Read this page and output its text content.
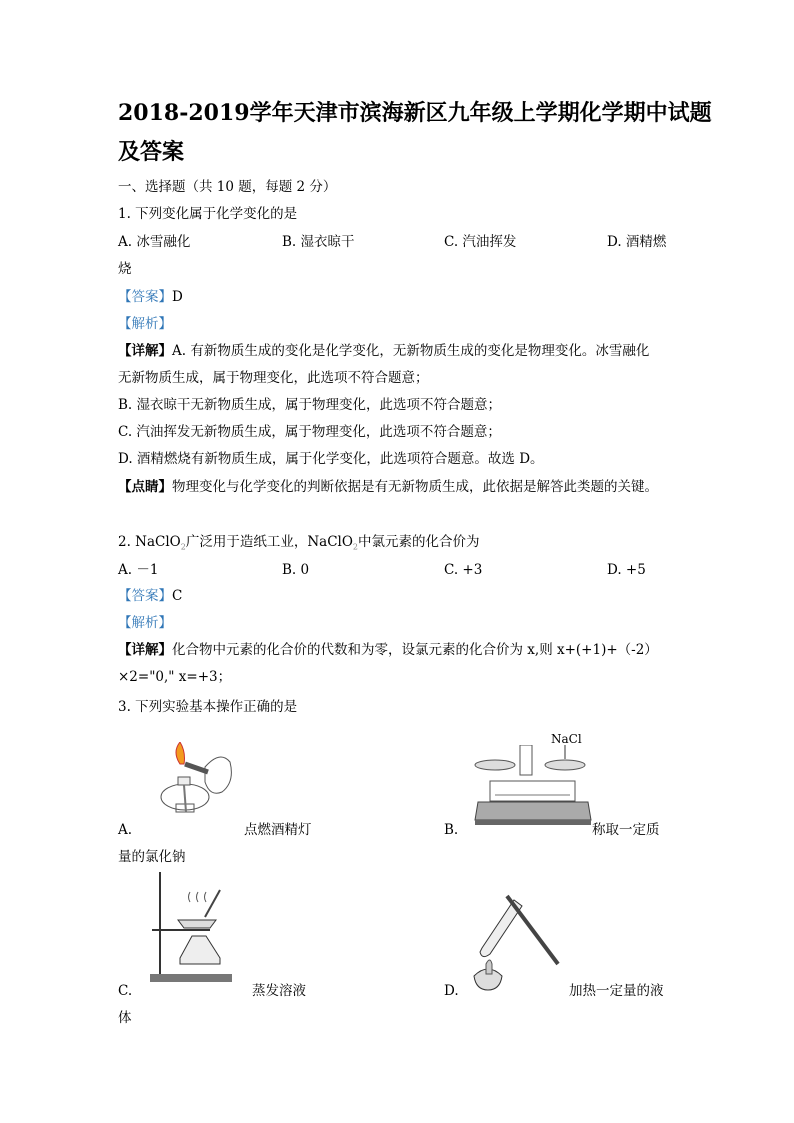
2018-2019学年天津市滨海新区九年级上学期化学期中试题
及答案
一、选择题（共 10 题，每题 2 分）
1. 下列变化属于化学变化的是
A. 冰雪融化	B. 湿衣晾干	C. 汽油挥发	D. 酒精燃
烧
【答案】D
【解析】
【详解】A. 有新物质生成的变化是化学变化，无新物质生成的变化是物理变化。冰雪融化
无新物质生成，属于物理变化，此选项不符合题意；
B. 湿衣晾干无新物质生成，属于物理变化，此选项不符合题意；
C. 汽油挥发无新物质生成，属于物理变化，此选项不符合题意；
D. 酒精燃烧有新物质生成，属于化学变化，此选项符合题意。故选 D。
【点睛】物理变化与化学变化的判断依据是有无新物质生成，此依据是解答此类题的关键。
2. NaClO$_2$广泛用于造纸工业，NaClO$_2$中氯元素的化合价为
A. －1	B. 0	C. +3	D. +5
【答案】C
【解析】
【详解】化合物中元素的化合价的代数和为零，设氯元素的化合价为 x,则 x+(+1)+（-2）
×2="0," x=+3；
3. 下列实验基本操作正确的是
A.	点燃酒精灯
NaCl
B.	称取一定质
量的氯化钠
C.	蒸发溶液	D.	加热一定量的液
体
